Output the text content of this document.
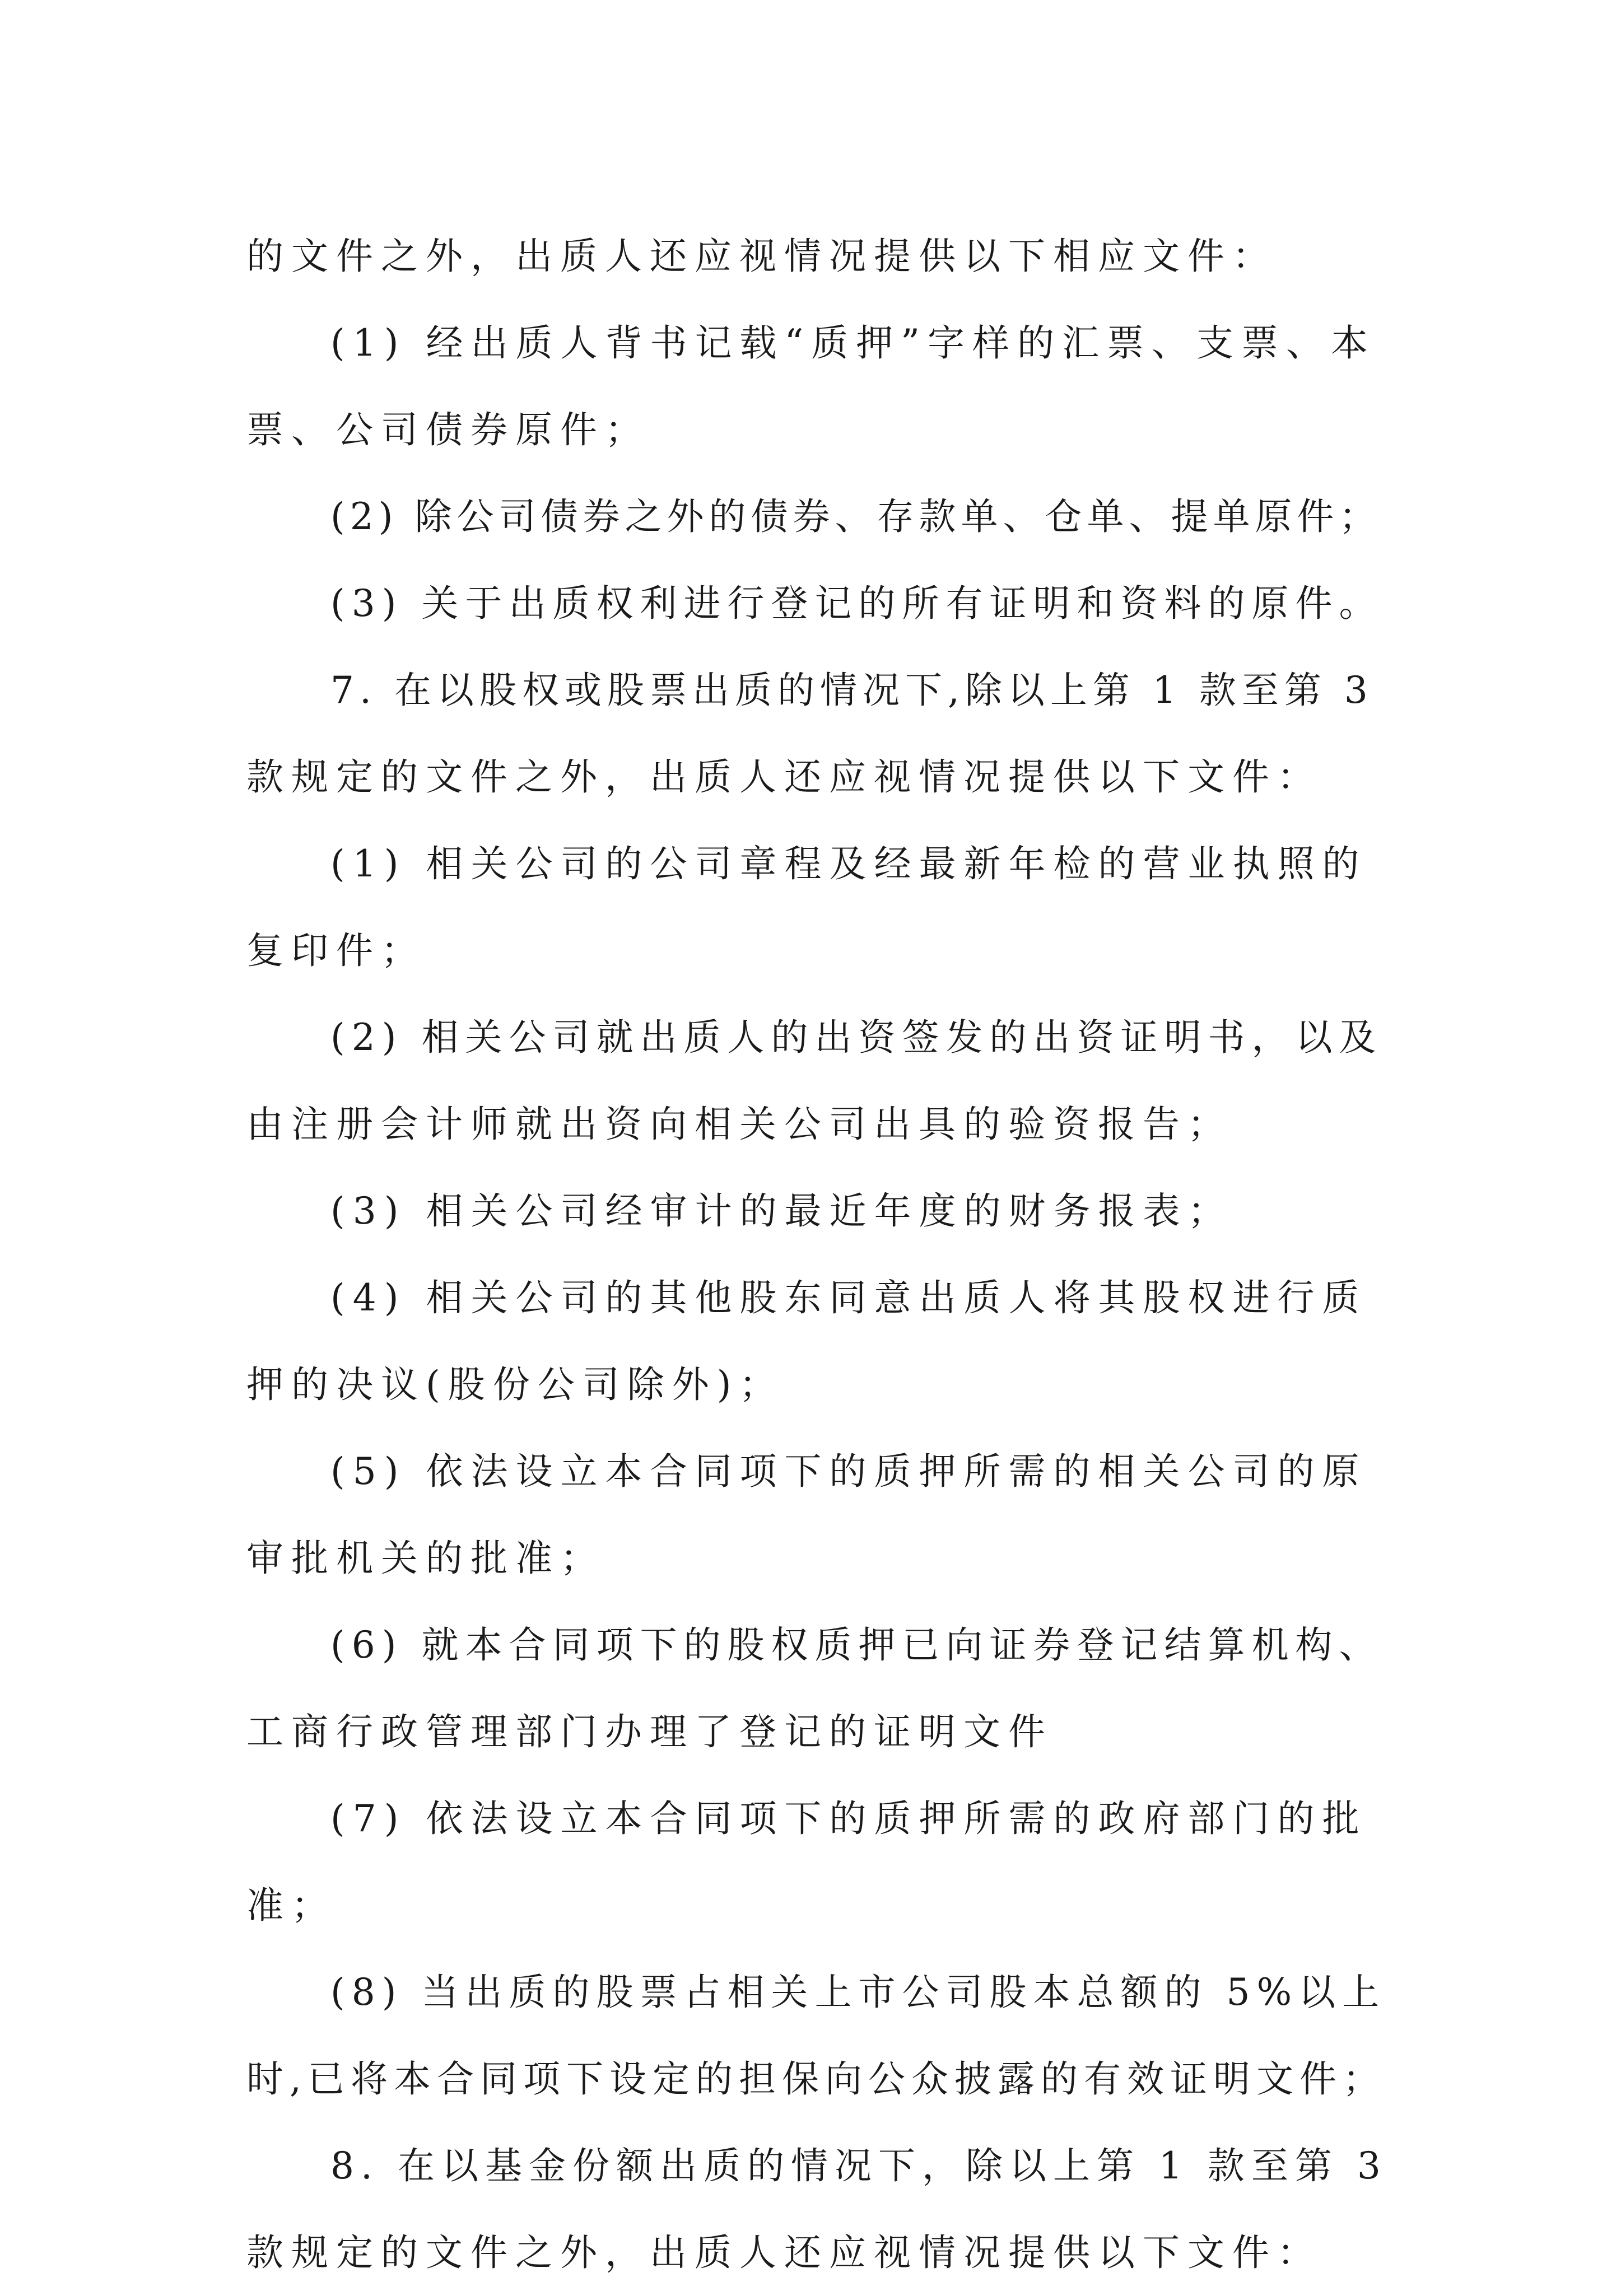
的文件之外，出质人还应视情况提供以下相应文件：
(1) 经出质人背书记载“质押”字样的汇票、支票、本
票、公司债券原件；
(2) 除公司债券之外的债券、存款单、仓单、提单原件；
(3) 关于出质权利进行登记的所有证明和资料的原件。
7. 在以股权或股票出质的情况下,除以上第 1 款至第 3
款规定的文件之外，出质人还应视情况提供以下文件：
(1) 相关公司的公司章程及经最新年检的营业执照的
复印件；
(2) 相关公司就出质人的出资签发的出资证明书，以及
由注册会计师就出资向相关公司出具的验资报告；
(3) 相关公司经审计的最近年度的财务报表；
(4) 相关公司的其他股东同意出质人将其股权进行质
押的决议(股份公司除外)；
(5) 依法设立本合同项下的质押所需的相关公司的原
审批机关的批准；
(6) 就本合同项下的股权质押已向证券登记结算机构、
工商行政管理部门办理了登记的证明文件
(7) 依法设立本合同项下的质押所需的政府部门的批
准；
(8) 当出质的股票占相关上市公司股本总额的 5%以上
时,已将本合同项下设定的担保向公众披露的有效证明文件；
8. 在以基金份额出质的情况下，除以上第 1 款至第 3
款规定的文件之外，出质人还应视情况提供以下文件：
